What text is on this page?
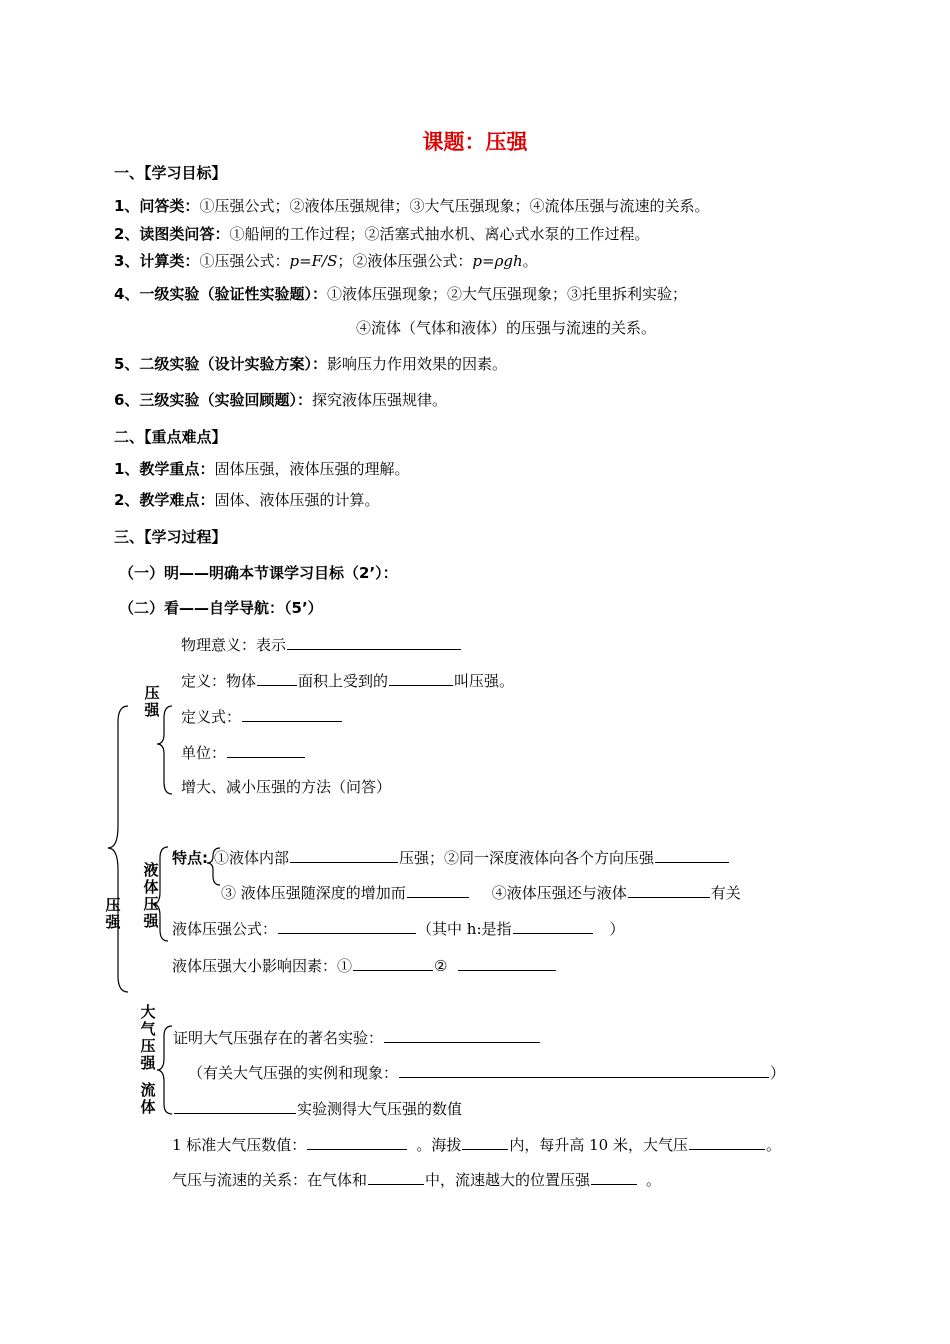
课题：压强
一、【学习目标】
1、问答类：①压强公式；②液体压强规律；③大气压强现象；④流体压强与流速的关系。
2、读图类问答：①船闸的工作过程；②活塞式抽水机、离心式水泵的工作过程。
3、计算类：①压强公式：p=F/S；②液体压强公式：p=ρgh。
4、一级实验（验证性实验题）：①液体压强现象；②大气压强现象；③托里拆利实验；
④流体（气体和液体）的压强与流速的关系。
5、二级实验（设计实验方案）：影响压力作用效果的因素。
6、三级实验（实验回顾题）：探究液体压强规律。
二、【重点难点】
1、教学重点：固体压强，液体压强的理解。
2、教学难点：固体、液体压强的计算。
三、【学习过程】
（一）明——明确本节课学习目标（2’）：
（二）看——自学导航：（5’）
压
强
液
体
压
强
压
强
大
气
压
强
流
体
物理意义：表示
定义：物体	面积上受到的	叫压强。
定义式：
单位：
增大、减小压强的方法（问答）
特点: ①液体内部	压强；②同一深度液体向各个方向压强
③ 液体压强随深度的增加而	④液体压强还与液体	有关
液体压强公式：	（其中 h:是指	）
液体压强大小影响因素：①	②
证明大气压强存在的著名实验：
（有关大气压强的实例和现象：	）
实验测得大气压强的数值
1 标准大气压数值：	。海拔	内，每升高 10 米，大气压	。
气压与流速的关系：在气体和	中，流速越大的位置压强	。
